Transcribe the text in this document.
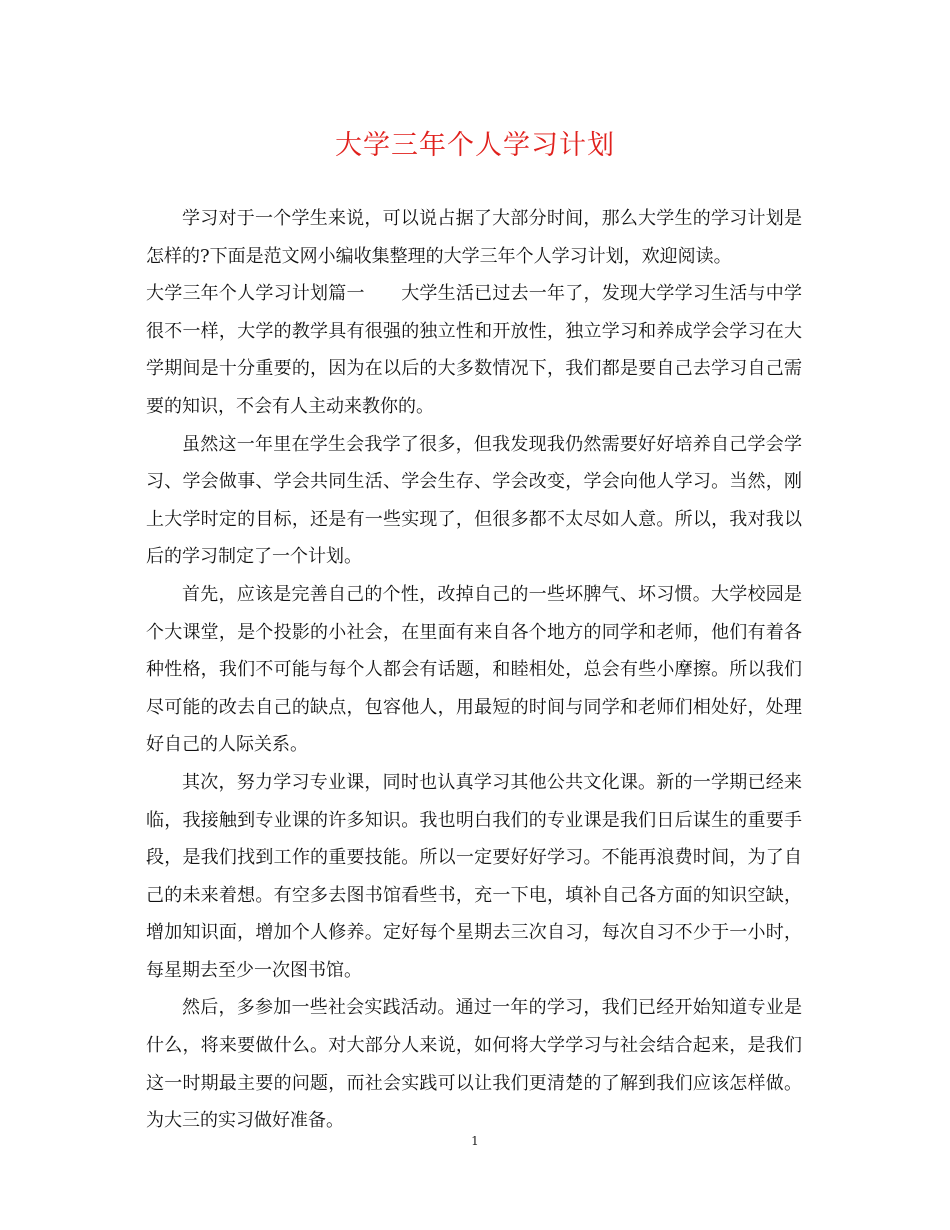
大学三年个人学习计划

学习对于一个学生来说，可以说占据了大部分时间，那么大学生的学习计划是怎样的?下面是范文网小编收集整理的大学三年个人学习计划，欢迎阅读。

大学三年个人学习计划篇一　　大学生活已过去一年了，发现大学学习生活与中学很不一样，大学的教学具有很强的独立性和开放性，独立学习和养成学会学习在大学期间是十分重要的，因为在以后的大多数情况下，我们都是要自己去学习自己需要的知识，不会有人主动来教你的。

虽然这一年里在学生会我学了很多，但我发现我仍然需要好好培养自己学会学习、学会做事、学会共同生活、学会生存、学会改变，学会向他人学习。当然，刚上大学时定的目标，还是有一些实现了，但很多都不太尽如人意。所以，我对我以后的学习制定了一个计划。

首先，应该是完善自己的个性，改掉自己的一些坏脾气、坏习惯。大学校园是个大课堂，是个投影的小社会，在里面有来自各个地方的同学和老师，他们有着各种性格，我们不可能与每个人都会有话题，和睦相处，总会有些小摩擦。所以我们尽可能的改去自己的缺点，包容他人，用最短的时间与同学和老师们相处好，处理好自己的人际关系。

其次，努力学习专业课，同时也认真学习其他公共文化课。新的一学期已经来临，我接触到专业课的许多知识。我也明白我们的专业课是我们日后谋生的重要手段，是我们找到工作的重要技能。所以一定要好好学习。不能再浪费时间，为了自己的未来着想。有空多去图书馆看些书，充一下电，填补自己各方面的知识空缺，增加知识面，增加个人修养。定好每个星期去三次自习，每次自习不少于一小时，每星期去至少一次图书馆。

然后，多参加一些社会实践活动。通过一年的学习，我们已经开始知道专业是什么，将来要做什么。对大部分人来说，如何将大学学习与社会结合起来，是我们这一时期最主要的问题，而社会实践可以让我们更清楚的了解到我们应该怎样做。为大三的实习做好准备。

1
